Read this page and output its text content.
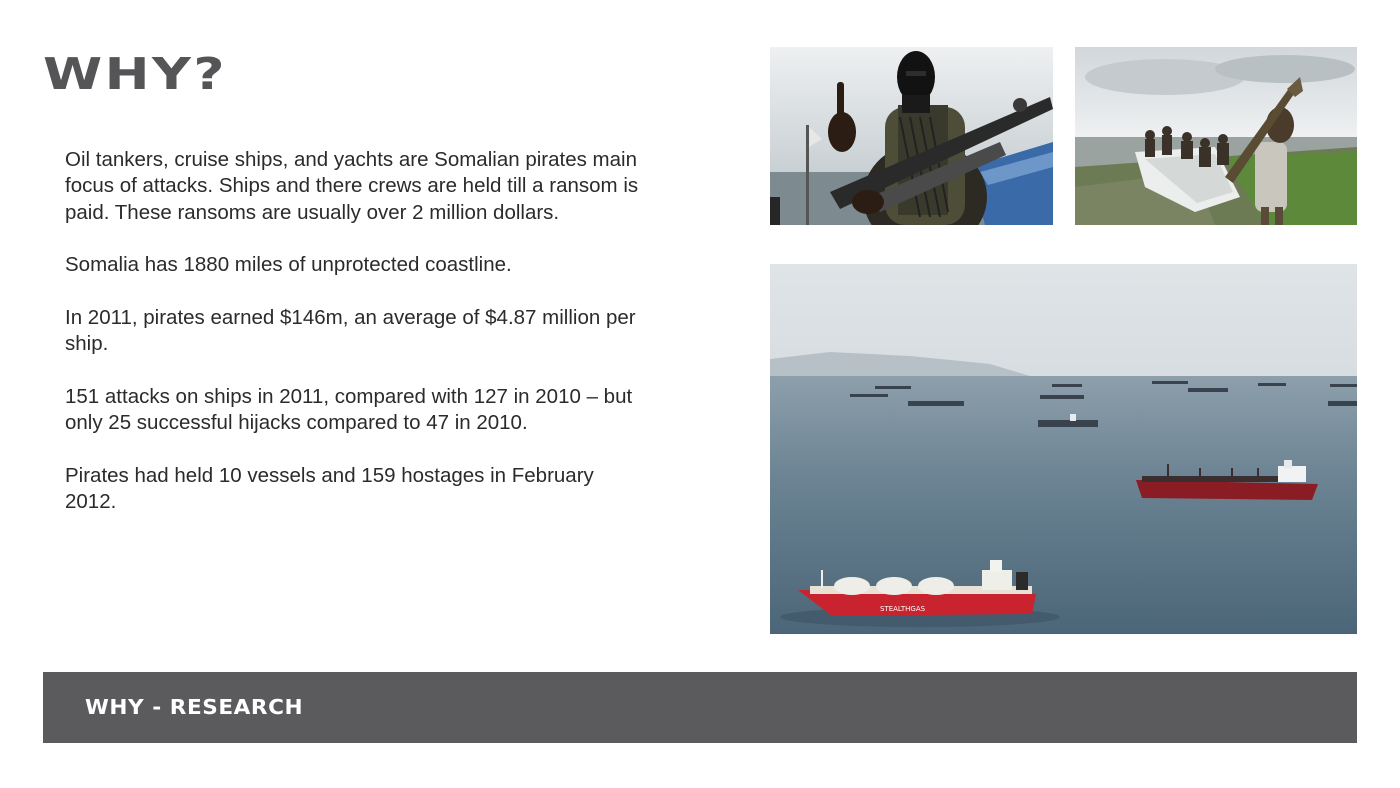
WHY?

Oil tankers, cruise ships, and yachts are Somalian pirates main
focus of attacks. Ships and there crews are held till a ransom is
paid. These ransoms are usually over 2 million dollars.

Somalia has 1880 miles of unprotected coastline.

In 2011, pirates earned $146m, an average of $4.87 million per
ship.

151 attacks on ships in 2011, compared with 127 in 2010 – but
only 25 successful hijacks compared to 47 in 2010.

Pirates had held 10 vessels and 159 hostages in February
2012.

STEALTHGAS
WHY - RESEARCH
